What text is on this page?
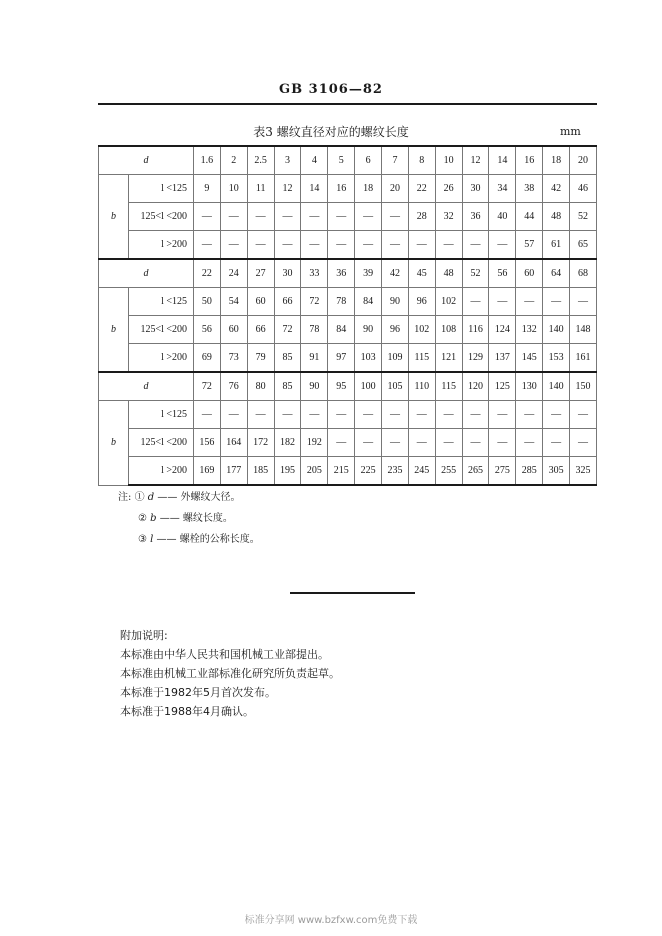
GB 3106—82
表3 螺纹直径对应的螺纹长度	mm
d		1.6	2	2.5	3	4	5	6	7	8	10	12	14	16	18	20
b	l <125	9	10	11	12	14	16	18	20	22	26	30	34	38	42	46
	125<l <200	—	—	—	—	—	—	—	—	28	32	36	40	44	48	52
	l >200	—	—	—	—	—	—	—	—	—	—	—	—	57	61	65
d		22	24	27	30	33	36	39	42	45	48	52	56	60	64	68
b	l <125	50	54	60	66	72	78	84	90	96	102	—	—	—	—	—
	125<l <200	56	60	66	72	78	84	90	96	102	108	116	124	132	140	148
	l >200	69	73	79	85	91	97	103	109	115	121	129	137	145	153	161
d		72	76	80	85	90	95	100	105	110	115	120	125	130	140	150
b	l <125	—	—	—	—	—	—	—	—	—	—	—	—	—	—	—
	125<l <200	156	164	172	182	192	—	—	—	—	—	—	—	—	—	—
	l >200	169	177	185	195	205	215	225	235	245	255	265	275	285	305	325
注: ① d —— 外螺纹大径。
② b —— 螺纹长度。
③ l —— 螺栓的公称长度。
附加说明:
本标准由中华人民共和国机械工业部提出。
本标准由机械工业部标准化研究所负责起草。
本标准于1982年5月首次发布。
本标准于1988年4月确认。
标准分享网 www.bzfxw.com免费下载
